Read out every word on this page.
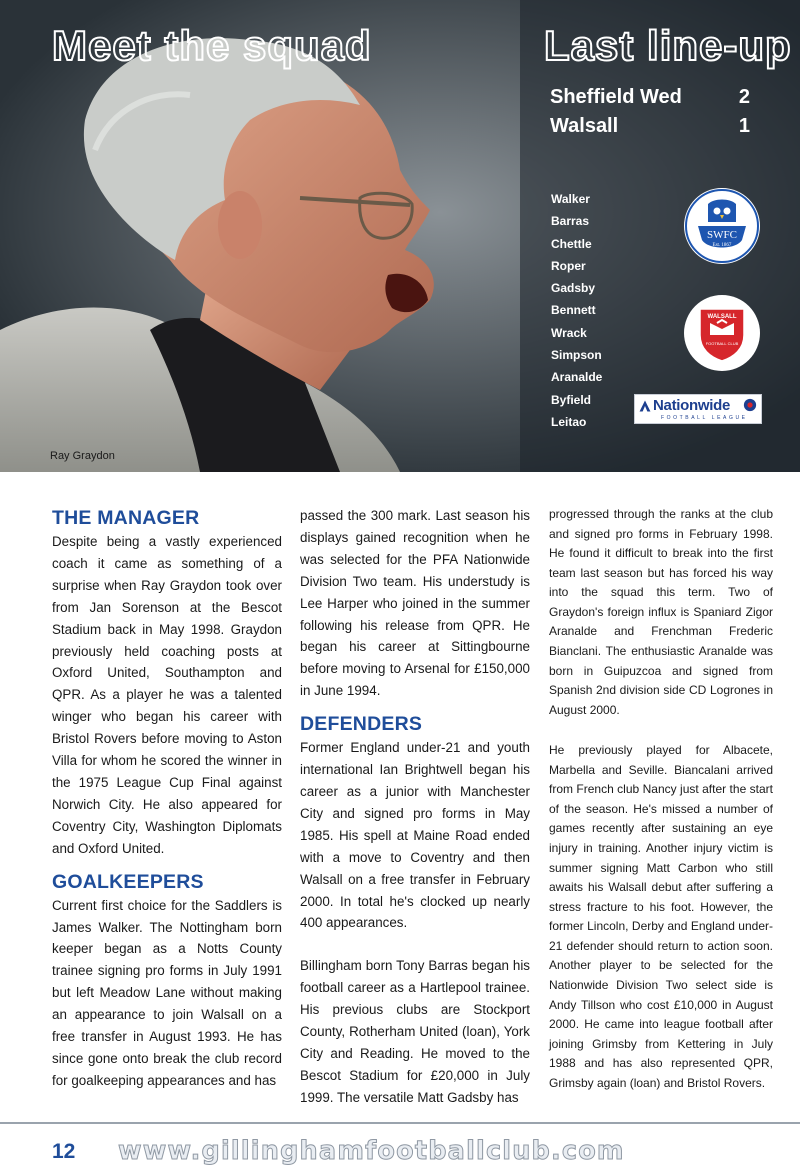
Meet the squad	Last line-up
Sheffield Wed	2
Walsall	1
Walker
Barras
Chettle
Roper
Gadsby
Bennett
Wrack
Simpson
Aranalde
Byfield
Leitao
SWFC
Est. 1867
WALSALL
FOOTBALL CLUB
Nationwide
FOOTBALL LEAGUE
Ray Graydon
THE MANAGER

Despite being a vastly experienced coach it came as something of a surprise when Ray Graydon took over from Jan Sorenson at the Bescot Stadium back in May 1998. Graydon previously held coaching posts at Oxford United, Southampton and QPR. As a player he was a talented winger who began his career with Bristol Rovers before moving to Aston Villa for whom he scored the winner in the 1975 League Cup Final against Norwich City. He also appeared for Coventry City, Washington Diplomats and Oxford United.

GOALKEEPERS

Current first choice for the Saddlers is James Walker. The Nottingham born keeper began as a Notts County trainee signing pro forms in July 1991 but left Meadow Lane without making an appearance to join Walsall on a free transfer in August 1993. He has since gone onto break the club record for goalkeeping appearances and has

passed the 300 mark. Last season his displays gained recognition when he was selected for the PFA Nationwide Division Two team. His understudy is Lee Harper who joined in the summer following his release from QPR. He began his career at Sittingbourne before moving to Arsenal for £150,000 in June 1994.

DEFENDERS

Former England under-21 and youth international Ian Brightwell began his career as a junior with Manchester City and signed pro forms in May 1985. His spell at Maine Road ended with a move to Coventry and then Walsall on a free transfer in February 2000. In total he's clocked up nearly 400 appearances.

Billingham born Tony Barras began his football career as a Hartlepool trainee. His previous clubs are Stockport County, Rotherham United (loan), York City and Reading. He moved to the Bescot Stadium for £20,000 in July 1999. The versatile Matt Gadsby has

progressed through the ranks at the club and signed pro forms in February 1998. He found it difficult to break into the first team last season but has forced his way into the squad this term. Two of Graydon's foreign influx is Spaniard Zigor Aranalde and Frenchman Frederic Bianclani. The enthusiastic Aranalde was born in Guipuzcoa and signed from Spanish 2nd division side CD Logrones in August 2000.

He previously played for Albacete, Marbella and Seville. Biancalani arrived from French club Nancy just after the start of the season. He's missed a number of games recently after sustaining an eye injury in training. Another injury victim is summer signing Matt Carbon who still awaits his Walsall debut after suffering a stress fracture to his foot. However, the former Lincoln, Derby and England under-21 defender should return to action soon. Another player to be selected for the Nationwide Division Two select side is Andy Tillson who cost £10,000 in August 2000. He came into league football after joining Grimsby from Kettering in July 1988 and has also represented QPR, Grimsby again (loan) and Bristol Rovers.

12 www.gillinghamfootballclub.com
